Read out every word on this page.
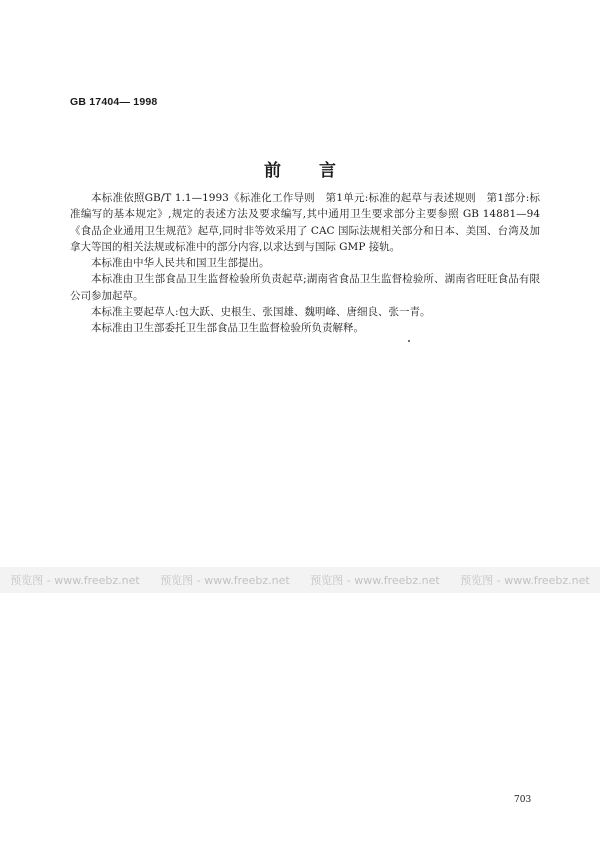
GB 17404— 1998
前言

本标准依照GB/T 1.1—1993《标准化工作导则　第1单元:标准的起草与表述规则　第1部分:标准编写的基本规定》,规定的表述方法及要求编写,其中通用卫生要求部分主要参照 GB 14881—94《食品企业通用卫生规范》起草,同时非等效采用了 CAC 国际法规相关部分和日本、美国、台湾及加拿大等国的相关法规或标准中的部分内容,以求达到与国际 GMP 接轨。

本标准由中华人民共和国卫生部提出。

本标准由卫生部食品卫生监督检验所负责起草;湖南省食品卫生监督检验所、湖南省旺旺食品有限公司参加起草。

本标准主要起草人:包大跃、史根生、张国雄、魏明峰、唐细良、张一青。

本标准由卫生部委托卫生部食品卫生监督检验所负责解释。

预览图 - www.freebz.net 预览图 - www.freebz.net 预览图 - www.freebz.net 预览图 - www.freebz.net
703
